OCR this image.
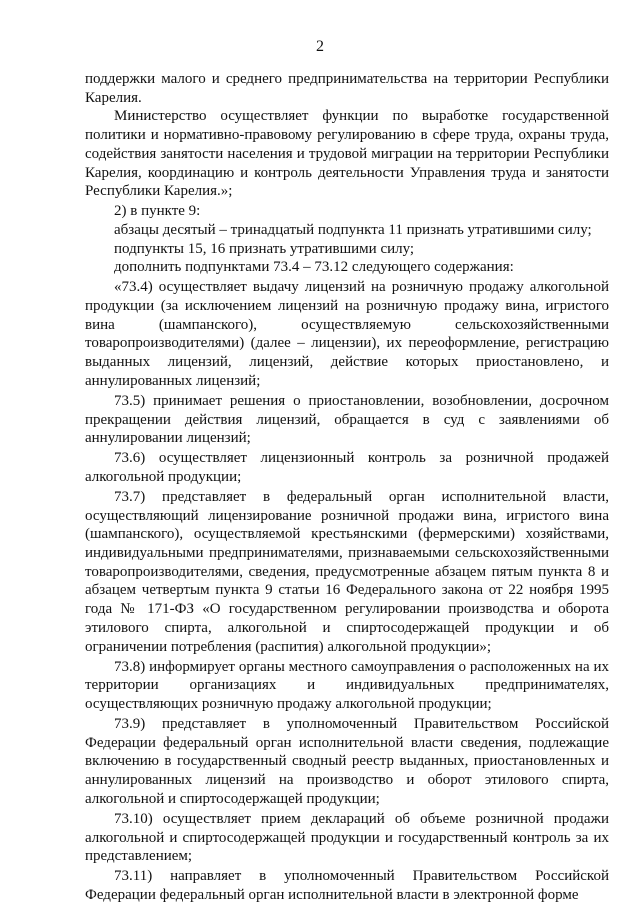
2

поддержки малого и среднего предпринимательства на территории Республики Карелия.

Министерство осуществляет функции по выработке государственной политики и нормативно-правовому регулированию в сфере труда, охраны труда, содействия занятости населения и трудовой миграции на территории Республики Карелия, координацию и контроль деятельности Управления труда и занятости Республики Карелия.»;

2) в пункте 9:

абзацы десятый – тринадцатый подпункта 11 признать утратившими силу;

подпункты 15, 16 признать утратившими силу;

дополнить подпунктами 73.4 – 73.12 следующего содержания:

«73.4) осуществляет выдачу лицензий на розничную продажу алкогольной продукции (за исключением лицензий на розничную продажу вина, игристого вина (шампанского), осуществляемую сельскохозяйственными товаропроизводителями) (далее – лицензии), их переоформление, регистрацию выданных лицензий, лицензий, действие которых приостановлено, и аннулированных лицензий;

73.5) принимает решения о приостановлении, возобновлении, досрочном прекращении действия лицензий, обращается в суд с заявлениями об аннулировании лицензий;

73.6) осуществляет лицензионный контроль за розничной продажей алкогольной продукции;

73.7) представляет в федеральный орган исполнительной власти, осуществляющий лицензирование розничной продажи вина, игристого вина (шампанского), осуществляемой крестьянскими (фермерскими) хозяйствами, индивидуальными предпринимателями, признаваемыми сельскохозяйственными товаропроизводителями, сведения, предусмотренные абзацем пятым пункта 8 и абзацем четвертым пункта 9 статьи 16 Федерального закона от 22 ноября 1995 года № 171-ФЗ «О государственном регулировании производства и оборота этилового спирта, алкогольной и спиртосодержащей продукции и об ограничении потребления (распития) алкогольной продукции»;

73.8) информирует органы местного самоуправления о расположенных на их территории организациях и индивидуальных предпринимателях, осуществляющих розничную продажу алкогольной продукции;

73.9) представляет в уполномоченный Правительством Российской Федерации федеральный орган исполнительной власти сведения, подлежащие включению в государственный сводный реестр выданных, приостановленных и аннулированных лицензий на производство и оборот этилового спирта, алкогольной и спиртосодержащей продукции;

73.10) осуществляет прием деклараций об объеме розничной продажи алкогольной и спиртосодержащей продукции и государственный контроль за их представлением;

73.11) направляет в уполномоченный Правительством Российской Федерации федеральный орган исполнительной власти в электронной форме
